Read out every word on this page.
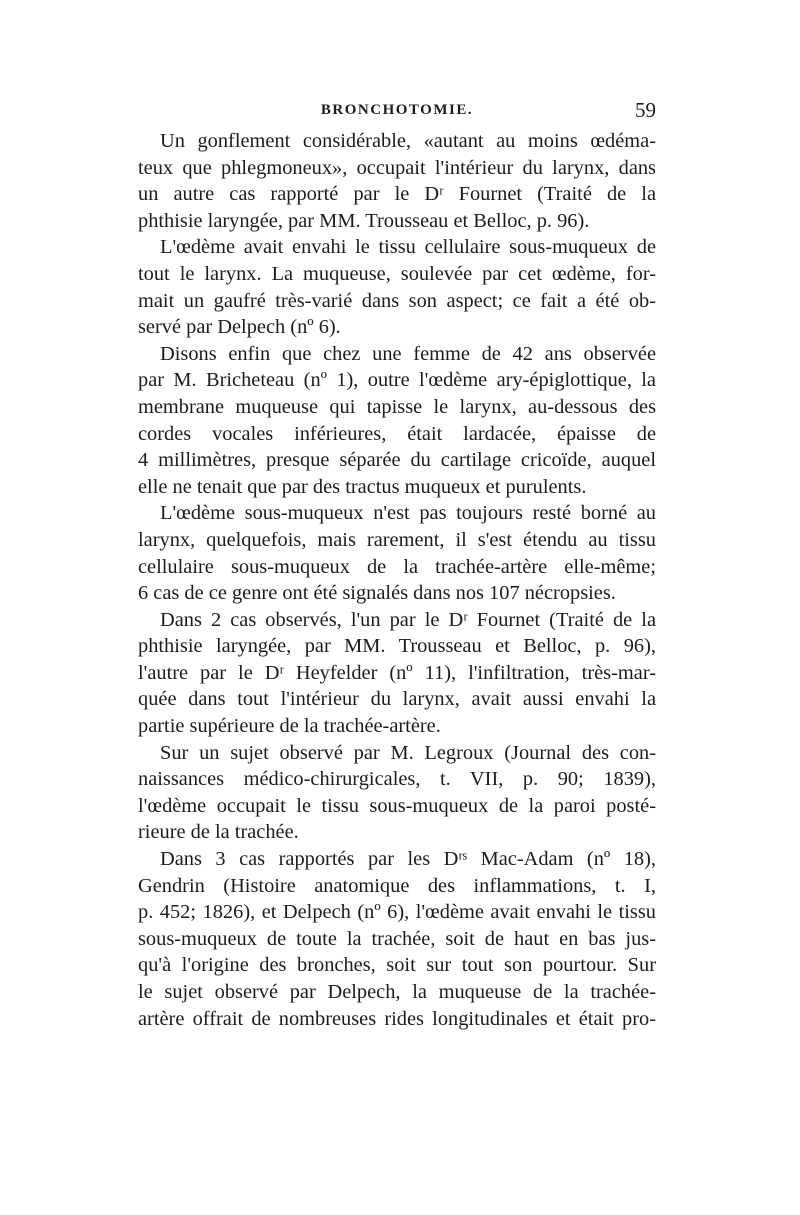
BRONCHOTOMIE.	59

Un gonflement considérable, «autant au moins œdéma-
teux que phlegmoneux», occupait l'intérieur du larynx, dans
un autre cas rapporté par le Dʳ Fournet (Traité de la
phthisie laryngée, par MM. Trousseau et Belloc, p. 96).

L'œdème avait envahi le tissu cellulaire sous-muqueux de
tout le larynx. La muqueuse, soulevée par cet œdème, for-
mait un gaufré très-varié dans son aspect; ce fait a été ob-
servé par Delpech (nº 6).

Disons enfin que chez une femme de 42 ans observée
par M. Bricheteau (nº 1), outre l'œdème ary-épiglottique, la
membrane muqueuse qui tapisse le larynx, au-dessous des
cordes vocales inférieures, était lardacée, épaisse de
4 millimètres, presque séparée du cartilage cricoïde, auquel
elle ne tenait que par des tractus muqueux et purulents.

L'œdème sous-muqueux n'est pas toujours resté borné au
larynx, quelquefois, mais rarement, il s'est étendu au tissu
cellulaire sous-muqueux de la trachée-artère elle-même;
6 cas de ce genre ont été signalés dans nos 107 nécropsies.

Dans 2 cas observés, l'un par le Dʳ Fournet (Traité de la
phthisie laryngée, par MM. Trousseau et Belloc, p. 96),
l'autre par le Dʳ Heyfelder (nº 11), l'infiltration, très-mar-
quée dans tout l'intérieur du larynx, avait aussi envahi la
partie supérieure de la trachée-artère.

Sur un sujet observé par M. Legroux (Journal des con-
naissances médico-chirurgicales, t. VII, p. 90; 1839),
l'œdème occupait le tissu sous-muqueux de la paroi posté-
rieure de la trachée.

Dans 3 cas rapportés par les Dʳˢ Mac-Adam (nº 18),
Gendrin (Histoire anatomique des inflammations, t. I,
p. 452; 1826), et Delpech (nº 6), l'œdème avait envahi le tissu
sous-muqueux de toute la trachée, soit de haut en bas jus-
qu'à l'origine des bronches, soit sur tout son pourtour. Sur
le sujet observé par Delpech, la muqueuse de la trachée-
artère offrait de nombreuses rides longitudinales et était pro-
